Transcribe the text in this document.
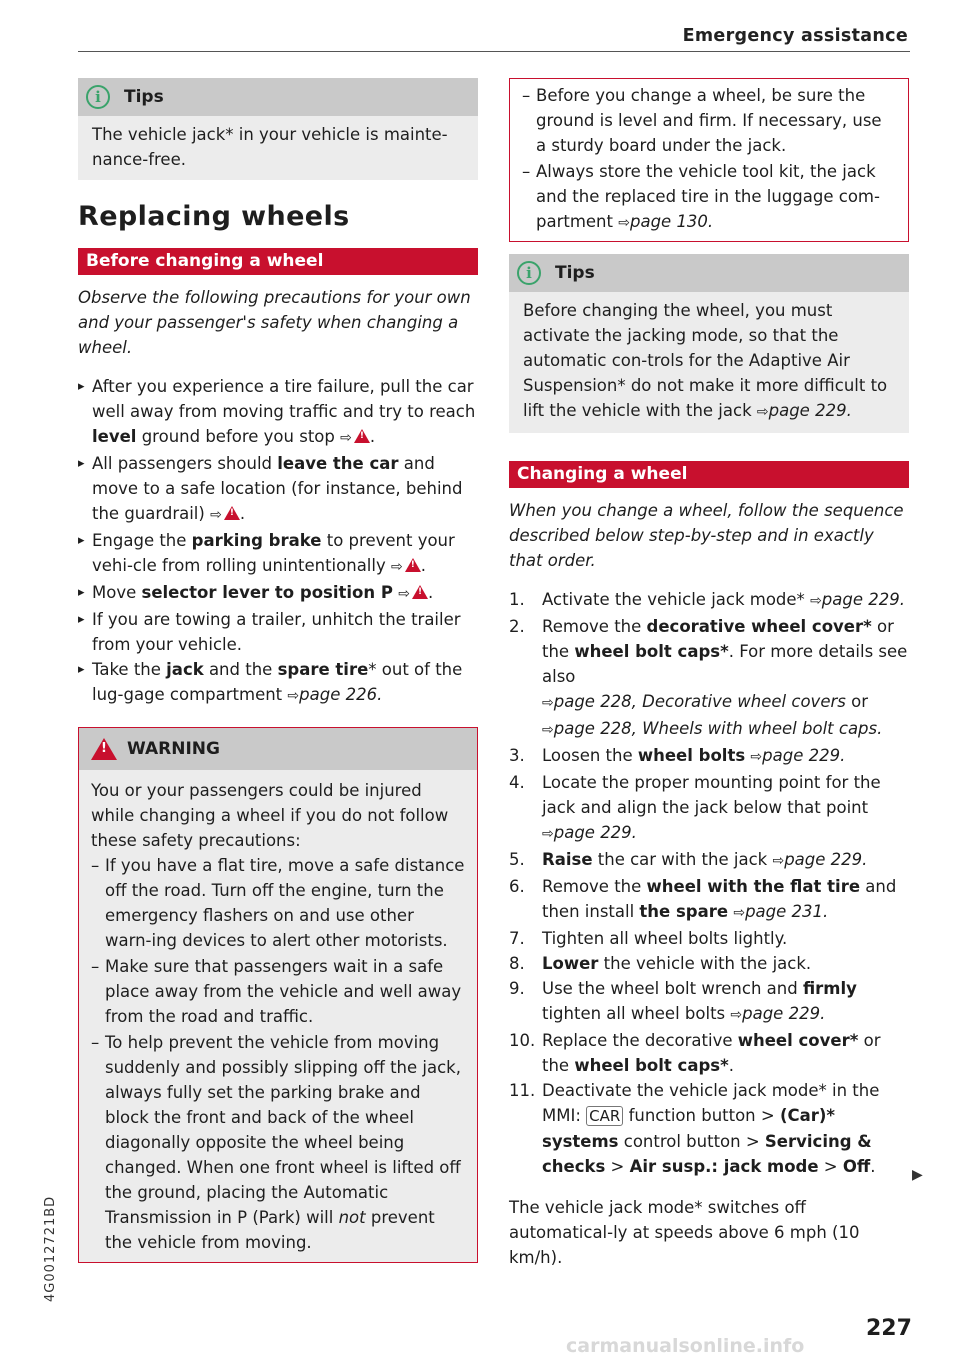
Emergency assistance
i	Tips
The vehicle jack* in your vehicle is mainte-nance-free.
Replacing wheels
Before changing a wheel

Observe the following precautions for your own and your passenger's safety when changing a wheel.

▸ After you experience a tire failure, pull the car well away from moving traffic and try to reach level ground before you stop ⇨ ! .
▸ All passengers should leave the car and move to a safe location (for instance, behind the guardrail) ⇨ ! .
▸ Engage the parking brake to prevent your vehi-cle from rolling unintentionally ⇨ ! .
▸ Move selector lever to position P ⇨ ! .
▸ If you are towing a trailer, unhitch the trailer from your vehicle.
▸ Take the jack and the spare tire* out of the lug-gage compartment ⇨page 226.
!
WARNING
You or your passengers could be injured while changing a wheel if you do not follow these safety precautions:
– If you have a flat tire, move a safe distance off the road. Turn off the engine, turn the emergency flashers on and use other warn-ing devices to alert other motorists.
– Make sure that passengers wait in a safe place away from the vehicle and well away from the road and traffic.
– To help prevent the vehicle from moving suddenly and possibly slipping off the jack, always fully set the parking brake and block the front and back of the wheel diagonally opposite the wheel being changed. When one front wheel is lifted off the ground, placing the Automatic Transmission in P (Park) will not prevent the vehicle from moving.
– Before you change a wheel, be sure the ground is level and firm. If necessary, use a sturdy board under the jack.
– Always store the vehicle tool kit, the jack and the replaced tire in the luggage com-partment ⇨page 130.
i	Tips
Before changing the wheel, you must activate the jacking mode, so that the automatic con-trols for the Adaptive Air Suspension* do not make it more difficult to lift the vehicle with the jack ⇨page 229.
Changing a wheel

When you change a wheel, follow the sequence described below step-by-step and in exactly that order.

1.	Activate the vehicle jack mode* ⇨page 229.
2.	Remove the decorative wheel cover* or the wheel bolt caps*. For more details see also
⇨page 228, Decorative wheel covers or
⇨page 228, Wheels with wheel bolt caps.
3.	Loosen the wheel bolts ⇨page 229.
4.	Locate the proper mounting point for the jack and align the jack below that point
⇨page 229.
5.	Raise the car with the jack ⇨page 229.
6.	Remove the wheel with the flat tire and then install the spare ⇨page 231.
7.	Tighten all wheel bolts lightly.
8.	Lower the vehicle with the jack.
9.	Use the wheel bolt wrench and firmly tighten all wheel bolts ⇨page 229.
10. Replace the decorative wheel cover* or the wheel bolt caps*.
11. Deactivate the vehicle jack mode* in the MMI: CAR function button > (Car)* systems control button > Servicing & checks > Air susp.: jack mode > Off.
The vehicle jack mode* switches off automatical-ly at speeds above 6 mph (10 km/h).
▶
4G0012721BD
227
carmanualsonline.info
